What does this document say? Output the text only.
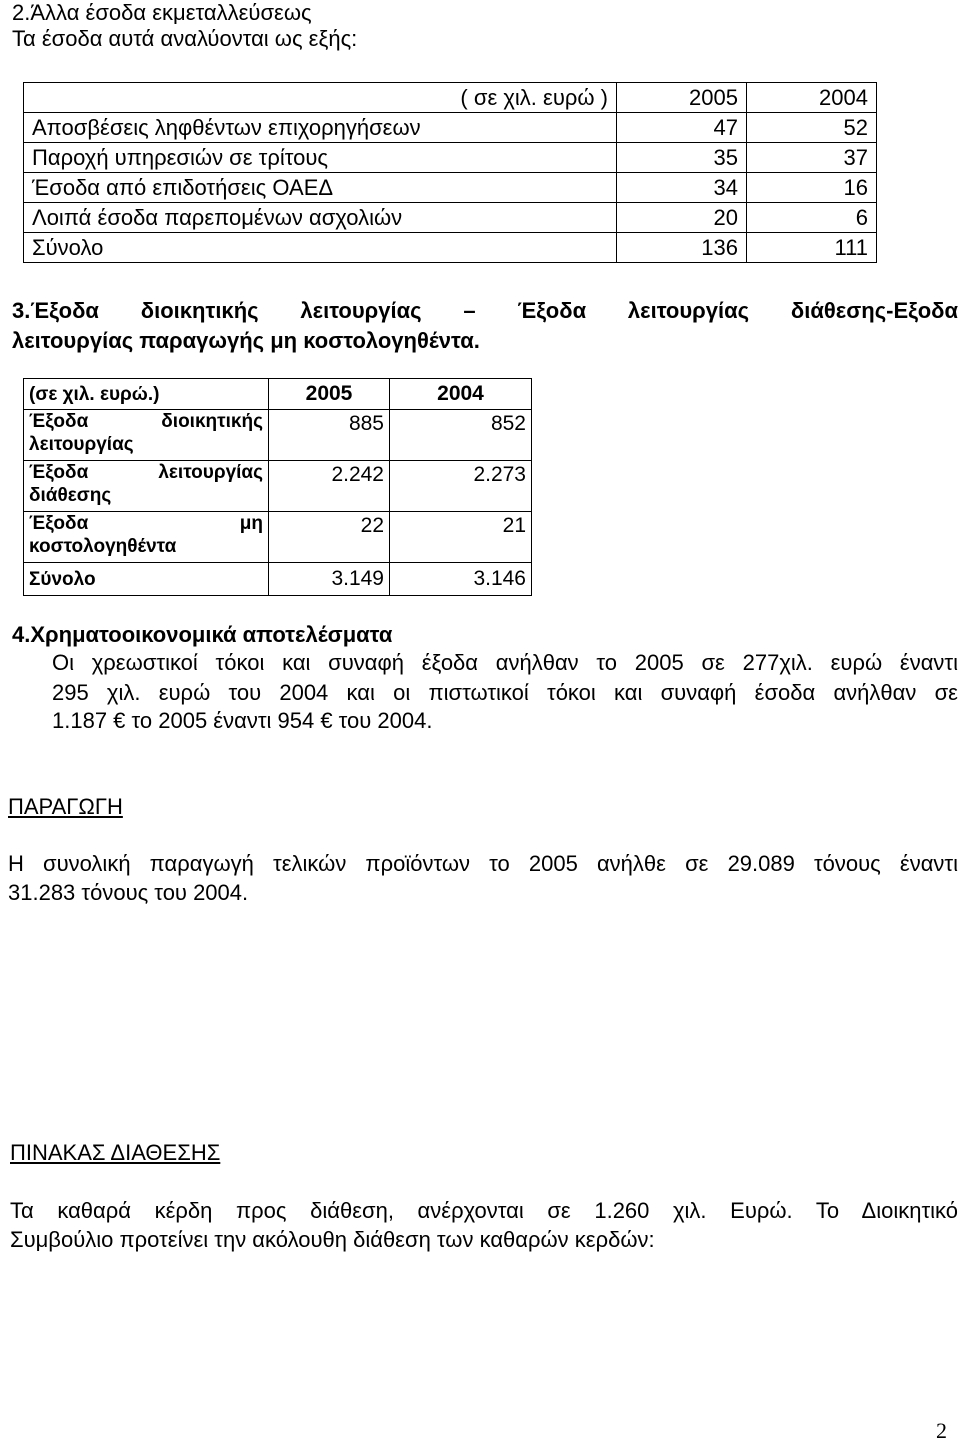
2.Άλλα έσοδα εκμεταλλεύσεως
Τα έσοδα αυτά αναλύονται ως εξής:
( σε χιλ. ευρώ )	2005	2004
Αποσβέσεις ληφθέντων επιχορηγήσεων	47	52
Παροχή υπηρεσιών σε τρίτους	35	37
Έσοδα από επιδοτήσεις ΟΑΕΔ	34	16
Λοιπά έσοδα παρεπομένων ασχολιών	20	6
Σύνολο	136	111
3.Έξοδα διοικητικής λειτουργίας – Έξοδα λειτουργίας διάθεσης-Εξοδα
λειτουργίας παραγωγής μη κοστολογηθέντα.
(σε χιλ. ευρώ.)	2005	2004

Έξοδα διοικητικής
λειτουργίας	885	852

Έξοδα λειτουργίας
διάθεσης	2.242	2.273

Έξοδα μη
κοστολογηθέντα	22	21
Σύνολο	3.149	3.146
4.Χρηματοοικονομικά αποτελέσματα
Οι χρεωστικοί τόκοι και συναφή έξοδα ανήλθαν το 2005 σε 277χιλ. ευρώ έναντι
295 χιλ. ευρώ του 2004 και οι πιστωτικοί τόκοι και συναφή έσοδα ανήλθαν σε
1.187 € το 2005 έναντι 954 € του 2004.
ΠΑΡΑΓΩΓΗ
Η συνολική παραγωγή τελικών προϊόντων το 2005 ανήλθε σε 29.089 τόνους έναντι
31.283 τόνους του 2004.
ΠΙΝΑΚΑΣ ΔΙΑΘΕΣΗΣ
Τα καθαρά κέρδη προς διάθεση, ανέρχονται σε 1.260 χιλ. Ευρώ. Το Διοικητικό
Συμβούλιο προτείνει την ακόλουθη διάθεση των καθαρών κερδών:
2
